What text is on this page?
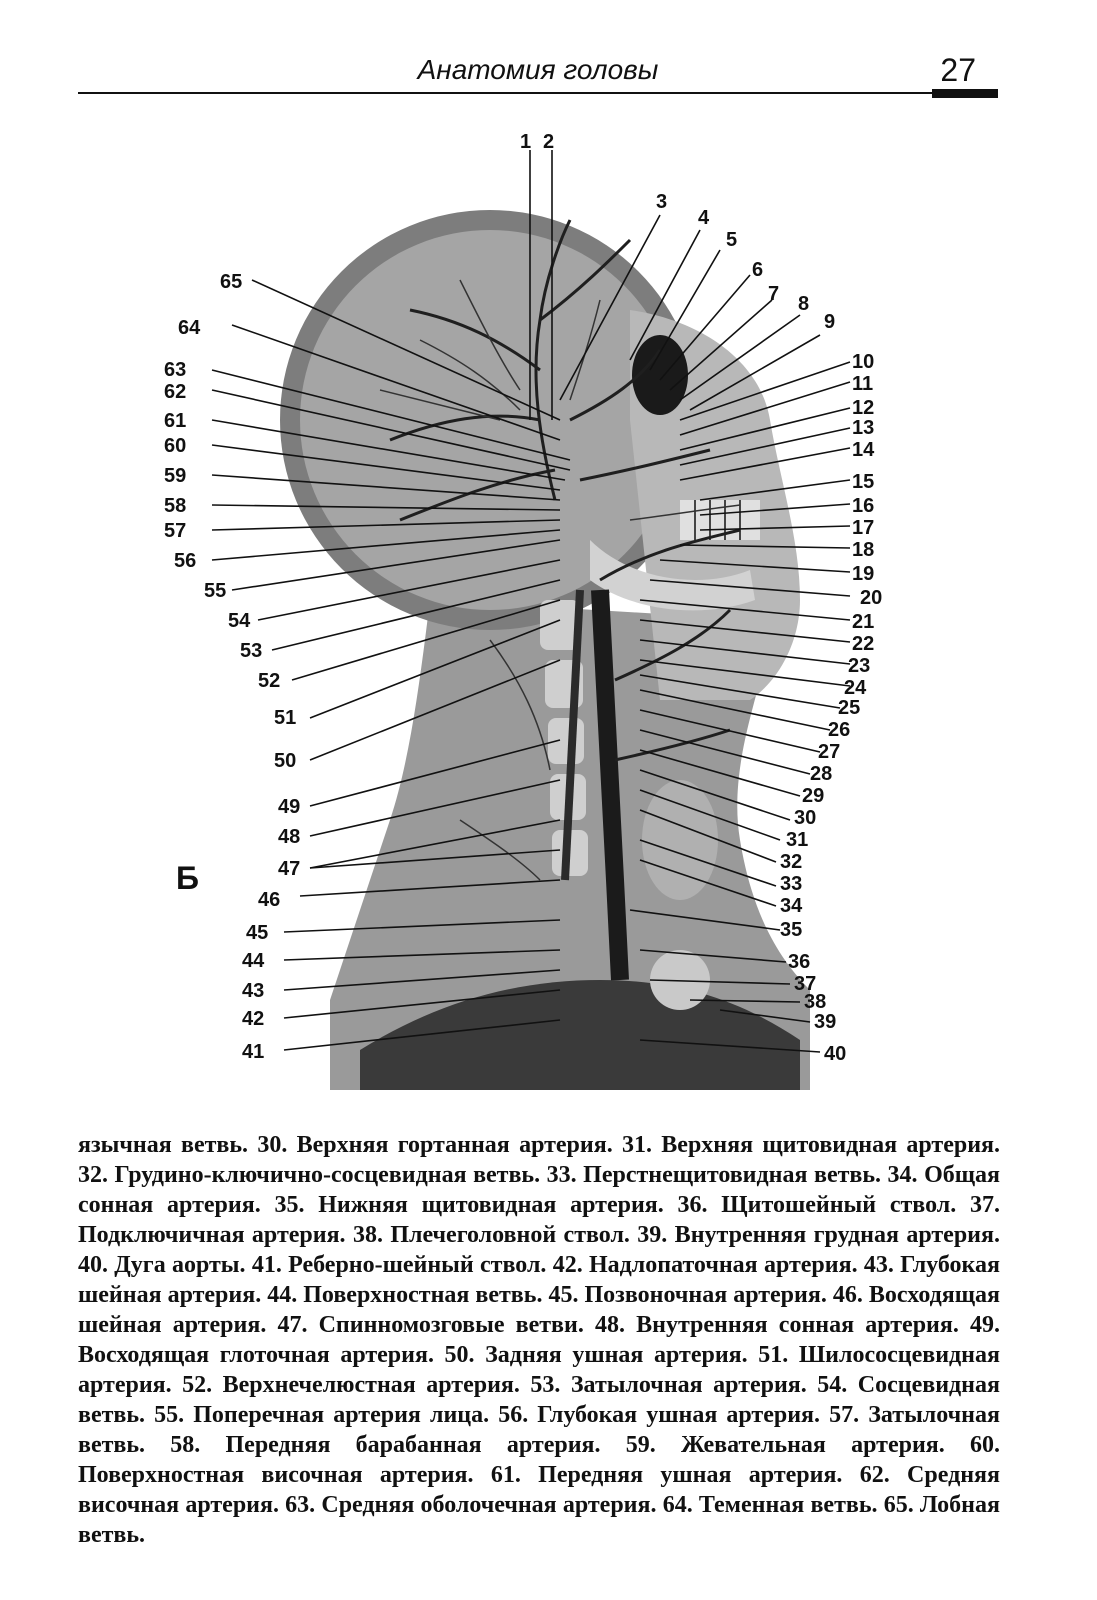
Анатомия головы	27
1 2
3
4
5
6
7 8
9
65
64
63
62
61
60
59
58
57
56
55
54
53
52
51
50
49
48
47
46
45
44
43
42
41
10
11
12
13
14
15
16
17
18
19
20
21
22
23
24
25
26
27
28
29
30
31
32
33
34
35
36
37
38
39
40
Б
язычная ветвь. 30. Верхняя гортанная артерия. 31. Верхняя щитовидная артерия. 32. Грудино-ключично-сосцевидная ветвь. 33. Перстнещитовидная ветвь. 34. Общая сонная артерия. 35. Нижняя щитовидная артерия. 36. Щитошейный ствол. 37. Подключичная артерия. 38. Плечеголовной ствол. 39. Внутренняя грудная артерия. 40. Дуга аорты. 41. Реберно-шейный ствол. 42. Надлопаточная артерия. 43. Глубокая шейная артерия. 44. Поверхностная ветвь. 45. Позвоночная артерия. 46. Восходящая шейная артерия. 47. Спинномозговые ветви. 48. Внутренняя сонная артерия. 49. Восходящая глоточная артерия. 50. Задняя ушная артерия. 51. Шилососцевидная артерия. 52. Верхнечелюстная артерия. 53. Затылочная артерия. 54. Сосцевидная ветвь. 55. Поперечная артерия лица. 56. Глубокая ушная артерия. 57. Затылочная ветвь. 58. Передняя барабанная артерия. 59. Жевательная артерия. 60. Поверхностная височная артерия. 61. Передняя ушная артерия. 62. Средняя височная артерия. 63. Средняя оболочечная артерия. 64. Теменная ветвь. 65. Лобная ветвь.
